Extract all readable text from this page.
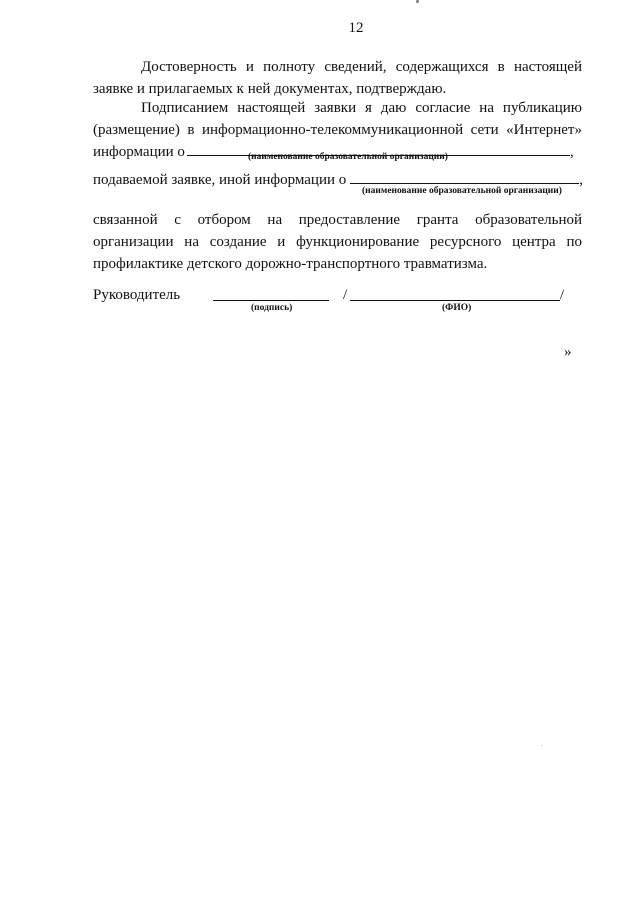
12
Достоверность и полноту сведений, содержащихся в настоящей заявке и прилагаемых к ней документах, подтверждаю.
Подписанием настоящей заявки я даю согласие на публикацию
(размещение) в информационно-телекоммуникационной сети «Интернет»
информации о	,
(наименование образовательной организации)
подаваемой заявке, иной информации о	,
(наименование образовательной организации)
связанной с отбором на предоставление гранта образовательной организации на создание и функционирование ресурсного центра по профилактике детского дорожно-транспортного травматизма.
Руководитель	/	/
(подпись)	(ФИО)
»
